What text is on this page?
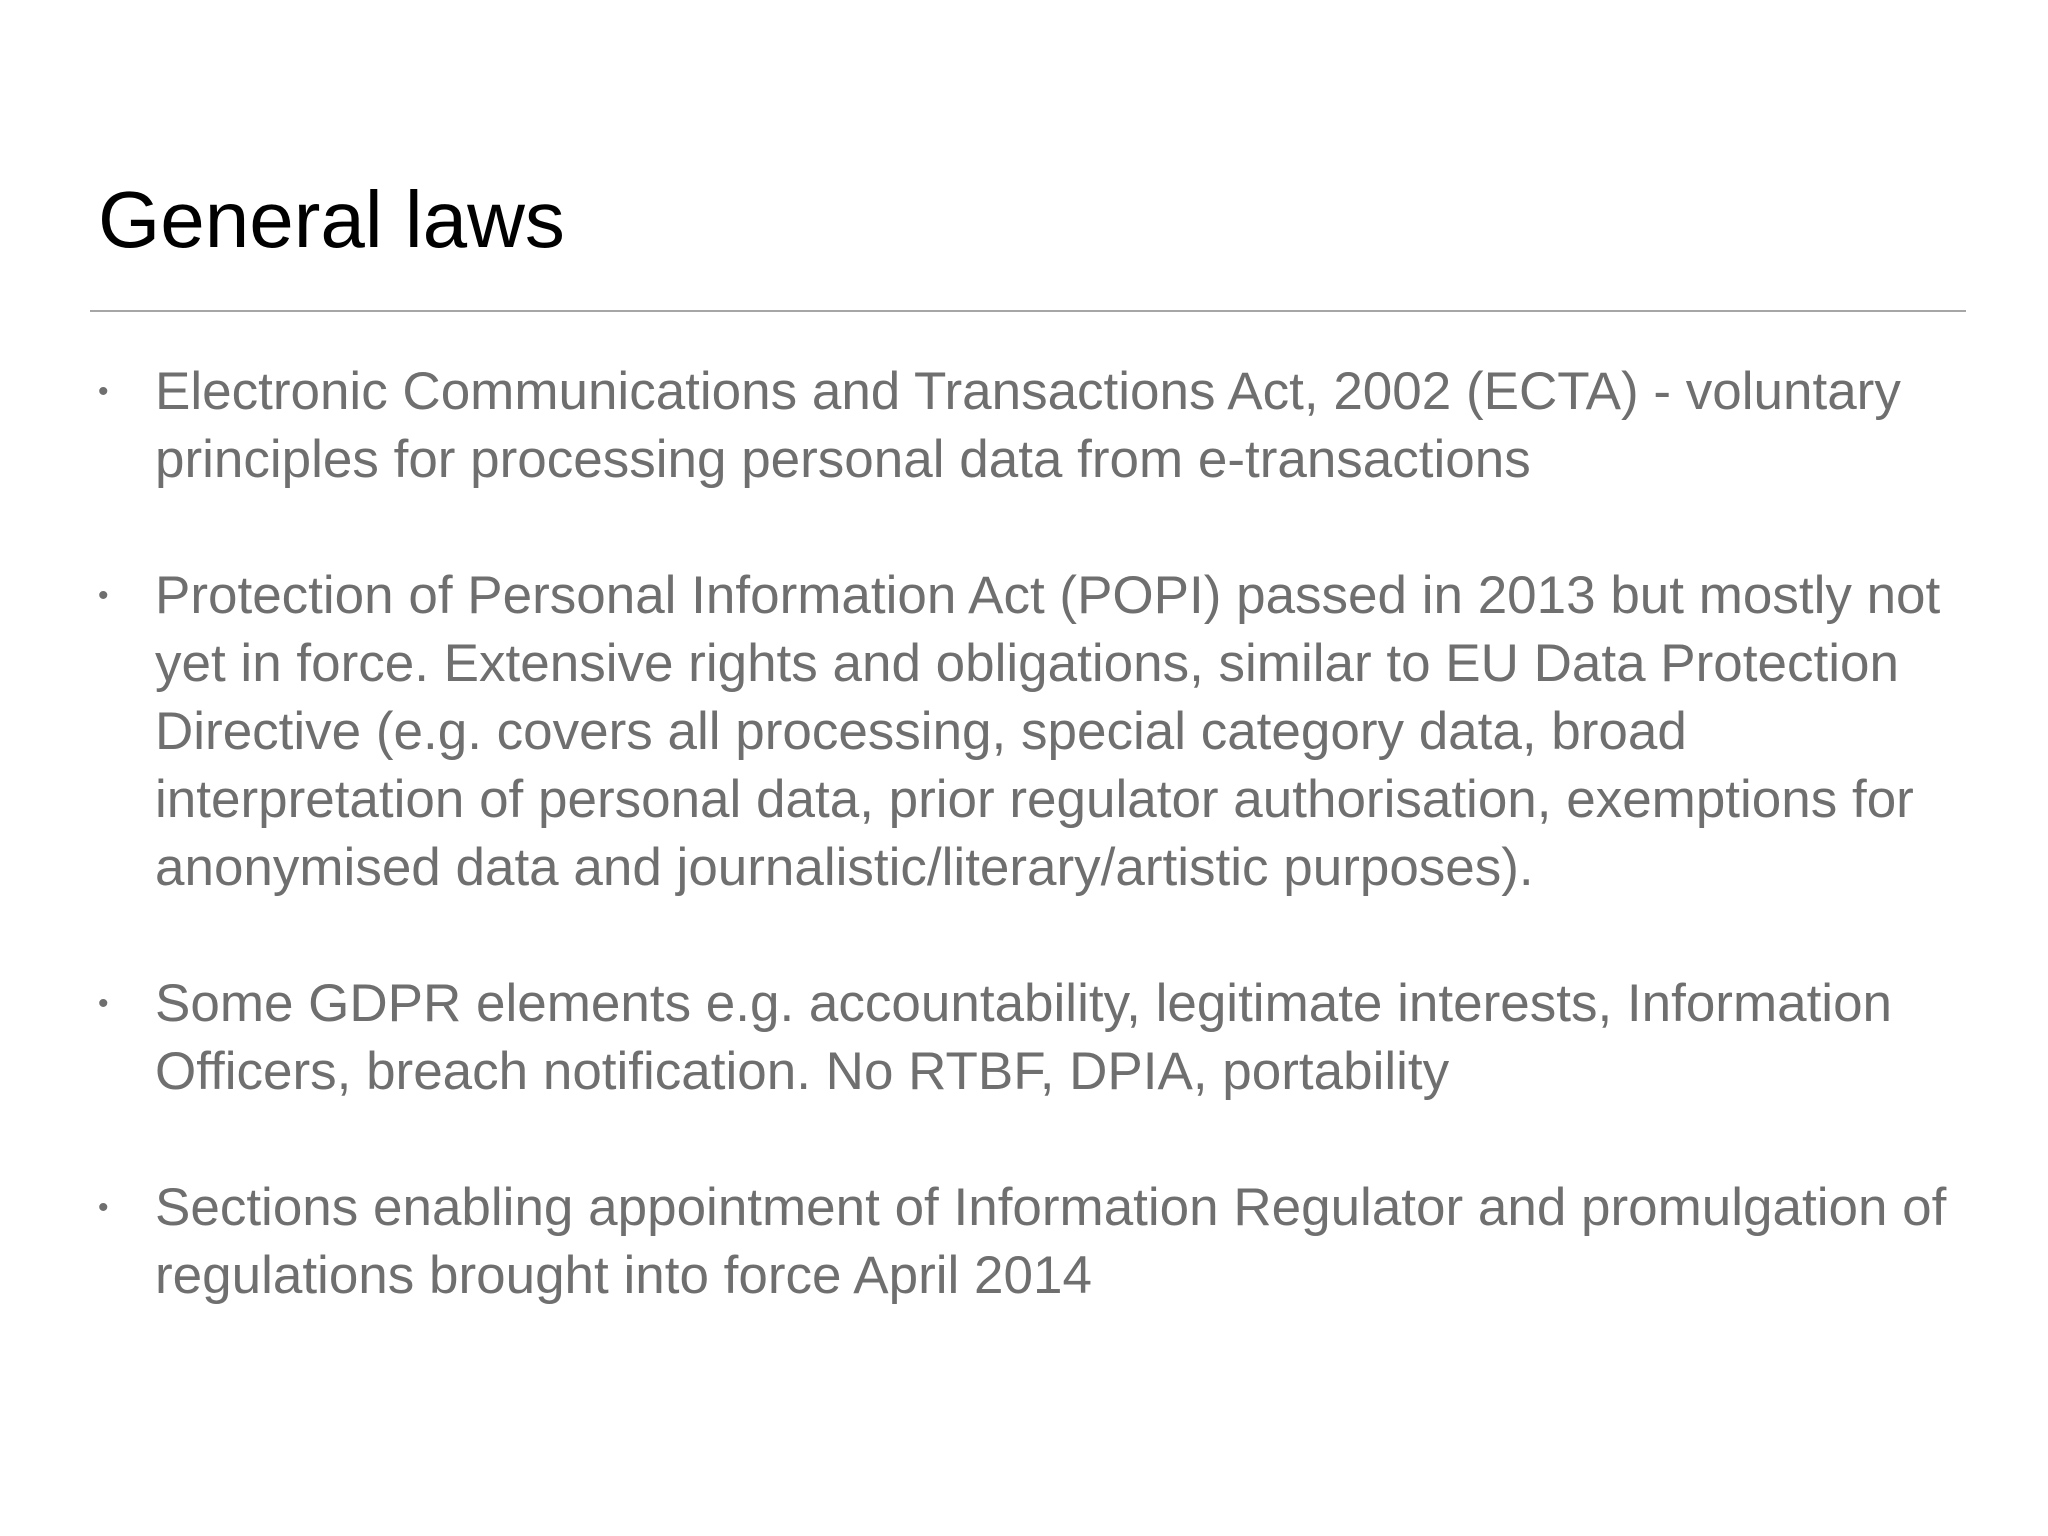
General laws
• Electronic Communications and Transactions Act, 2002 (ECTA) - voluntary principles for processing personal data from e-transactions
• Protection of Personal Information Act (POPI) passed in 2013 but mostly not yet in force. Extensive rights and obligations, similar to EU Data Protection Directive (e.g. covers all processing, special category data, broad interpretation of personal data, prior regulator authorisation, exemptions for anonymised data and journalistic/literary/artistic purposes).
• Some GDPR elements e.g. accountability, legitimate interests, Information Officers, breach notification. No RTBF, DPIA, portability
• Sections enabling appointment of Information Regulator and promulgation of regulations brought into force April 2014
